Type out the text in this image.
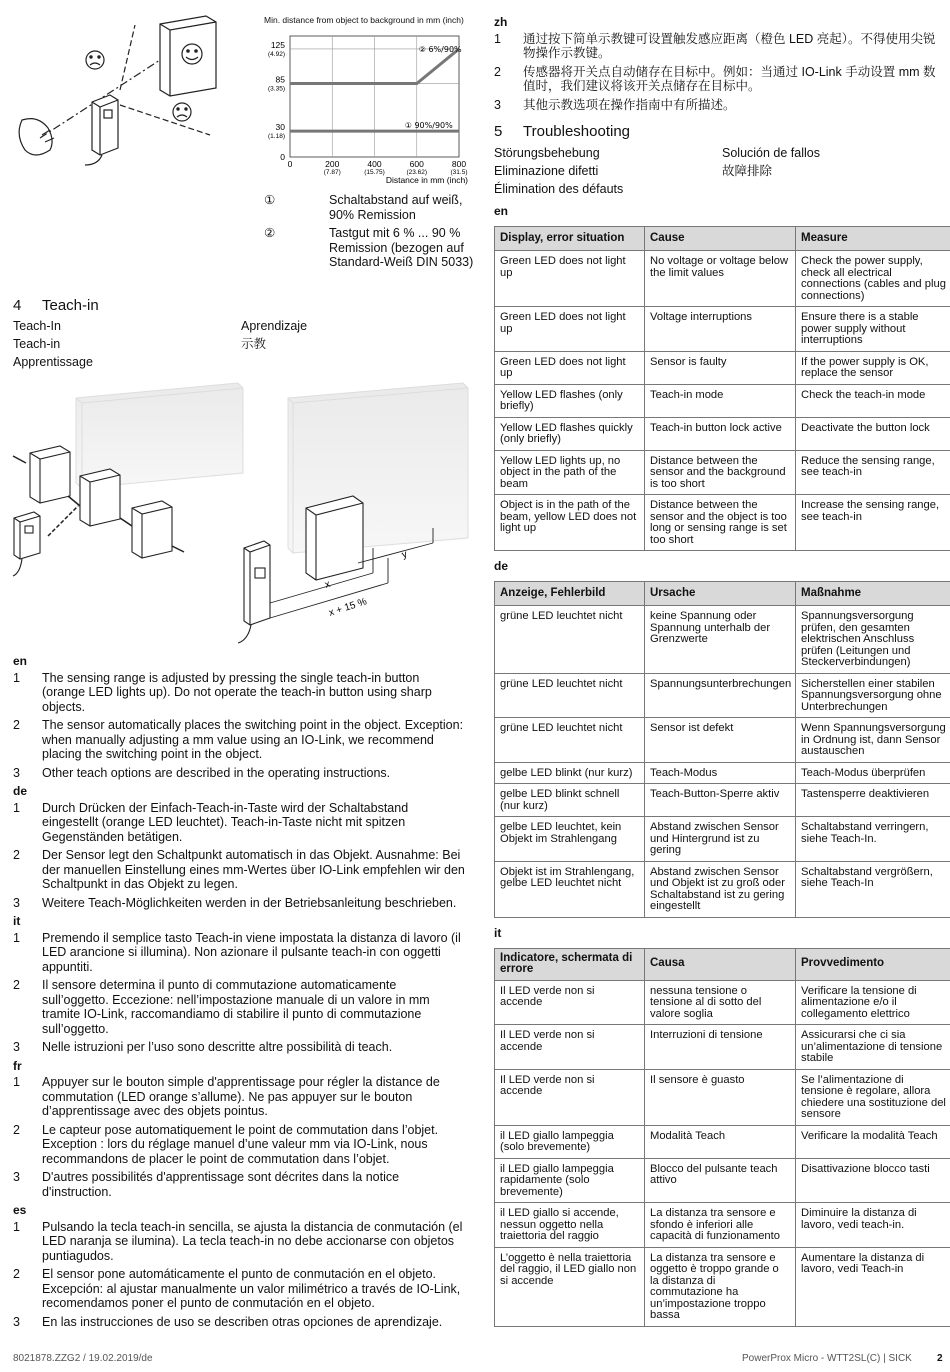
Min. distance from object to background in mm (inch)
125
(4.92)
85
(3.35)
30
(1.18)
0
0	200
(7.87)
400
(15.75)
600
(23.62)
800
(31.5)
Distance in mm (inch)
② 6%/90%
① 90%/90%
①	Schaltabstand auf weiß, 90% Remission
②	Tastgut mit 6 % ... 90 % Remission (bezogen auf Standard-Weiß DIN 5033)
4 Teach-in
Teach-In	Aprendizaje
Teach-in	示教
Apprentissage
x
x + 15 %
y
en
1	The sensing range is adjusted by pressing the single teach-in button (orange LED lights up). Do not operate the teach-in button using sharp objects.
2	The sensor automatically places the switching point in the object. Exception: when manually adjusting a mm value using an IO-Link, we recommend placing the switching point in the object.
3	Other teach options are described in the operating instructions.
de
1	Durch Drücken der Einfach-Teach-in-Taste wird der Schaltabstand eingestellt (orange LED leuchtet). Teach-in-Taste nicht mit spitzen Gegenständen betätigen.
2	Der Sensor legt den Schaltpunkt automatisch in das Objekt. Ausnahme: Bei der manuellen Einstellung eines mm-Wertes über IO-Link empfehlen wir den Schaltpunkt in das Objekt zu legen.
3	Weitere Teach-Möglichkeiten werden in der Betriebsanleitung beschrieben.
it
1	Premendo il semplice tasto Teach-in viene impostata la distanza di lavoro (il LED arancione si illumina). Non azionare il pulsante teach-in con oggetti appuntiti.
2	Il sensore determina il punto di commutazione automaticamente sull’oggetto. Eccezione: nell’impostazione manuale di un valore in mm tramite IO-Link, raccomandiamo di stabilire il punto di commutazione sull’oggetto.
3	Nelle istruzioni per l’uso sono descritte altre possibilità di teach.
fr
1	Appuyer sur le bouton simple d'apprentissage pour régler la distance de commutation (LED orange s’allume). Ne pas appuyer sur le bouton d’apprentissage avec des objets pointus.
2	Le capteur pose automatiquement le point de commutation dans l’objet. Exception : lors du réglage manuel d’une valeur mm via IO-Link, nous recommandons de placer le point de commutation dans l’objet.
3	D'autres possibilités d'apprentissage sont décrites dans la notice d'instruction.
es
1	Pulsando la tecla teach-in sencilla, se ajusta la distancia de conmutación (el LED naranja se ilumina). La tecla teach-in no debe accionarse con objetos puntiagudos.
2	El sensor pone automáticamente el punto de conmutación en el objeto. Excepción: al ajustar manualmente un valor milimétrico a través de IO-Link, recomendamos poner el punto de conmutación en el objeto.
3	En las instrucciones de uso se describen otras opciones de aprendizaje.
zh
1	通过按下简单示教键可设置触发感应距离（橙色 LED 亮起）。不得使用尖锐物操作示教键。
2	传感器将开关点自动储存在目标中。例如：当通过 IO-Link 手动设置 mm 数值时，我们建议将该开关点储存在目标中。
3	其他示教选项在操作指南中有所描述。
5 Troubleshooting
Störungsbehebung	Solución de fallos
Eliminazione difetti	故障排除
Élimination des défauts
en
Display, error situation	Cause	Measure
Green LED does not light up	No voltage or voltage below the limit values	Check the power supply, check all electrical connections (cables and plug connections)
Green LED does not light up	Voltage interruptions	Ensure there is a stable power supply without interruptions
Green LED does not light up	Sensor is faulty	If the power supply is OK, replace the sensor
Yellow LED flashes (only briefly)	Teach-in mode	Check the teach-in mode
Yellow LED flashes quickly (only briefly)	Teach-in button lock active	Deactivate the button lock
Yellow LED lights up, no object in the path of the beam	Distance between the sensor and the background is too short	Reduce the sensing range, see teach-in
Object is in the path of the beam, yellow LED does not light up	Distance between the sensor and the object is too long or sensing range is set too short	Increase the sensing range, see teach-in
de
Anzeige, Fehlerbild	Ursache	Maßnahme
grüne LED leuchtet nicht	keine Spannung oder Spannung unterhalb der Grenzwerte	Spannungsversorgung prüfen, den gesamten elektrischen Anschluss prüfen (Leitungen und Steckerverbindungen)
grüne LED leuchtet nicht	Spannungsunterbrechungen	Sicherstellen einer stabilen Spannungsversorgung ohne Unterbrechungen
grüne LED leuchtet nicht	Sensor ist defekt	Wenn Spannungsversorgung in Ordnung ist, dann Sensor austauschen
gelbe LED blinkt (nur kurz)	Teach-Modus	Teach-Modus überprüfen
gelbe LED blinkt schnell (nur kurz)	Teach-Button-Sperre aktiv	Tastensperre deaktivieren
gelbe LED leuchtet, kein Objekt im Strahlengang	Abstand zwischen Sensor und Hintergrund ist zu gering	Schaltabstand verringern, siehe Teach-In.
Objekt ist im Strahlengang, gelbe LED leuchtet nicht	Abstand zwischen Sensor und Objekt ist zu groß oder Schaltabstand ist zu gering eingestellt	Schaltabstand vergrößern, siehe Teach-In
it
Indicatore, schermata di errore	Causa	Provvedimento
Il LED verde non si accende	nessuna tensione o tensione al di sotto del valore soglia	Verificare la tensione di alimentazione e/o il collegamento elettrico
Il LED verde non si accende	Interruzioni di tensione	Assicurarsi che ci sia un’alimentazione di tensione stabile
Il LED verde non si accende	Il sensore è guasto	Se l’alimentazione di tensione è regolare, allora chiedere una sostituzione del sensore
il LED giallo lampeggia (solo brevemente)	Modalità Teach	Verificare la modalità Teach
il LED giallo lampeggia rapidamente (solo brevemente)	Blocco del pulsante teach attivo	Disattivazione blocco tasti
il LED giallo si accende, nessun oggetto nella traiettoria del raggio	La distanza tra sensore e sfondo è inferiori alle capacità di funzionamento	Diminuire la distanza di lavoro, vedi teach-in.
L’oggetto è nella traiettoria del raggio, il LED giallo non si accende	La distanza tra sensore e oggetto è troppo grande o la distanza di commutazione ha un’impostazione troppo bassa	Aumentare la distanza di lavoro, vedi Teach-in
8021878.ZZG2 / 19.02.2019/de	PowerProx Micro - WTT2SL(C) | SICK	2
